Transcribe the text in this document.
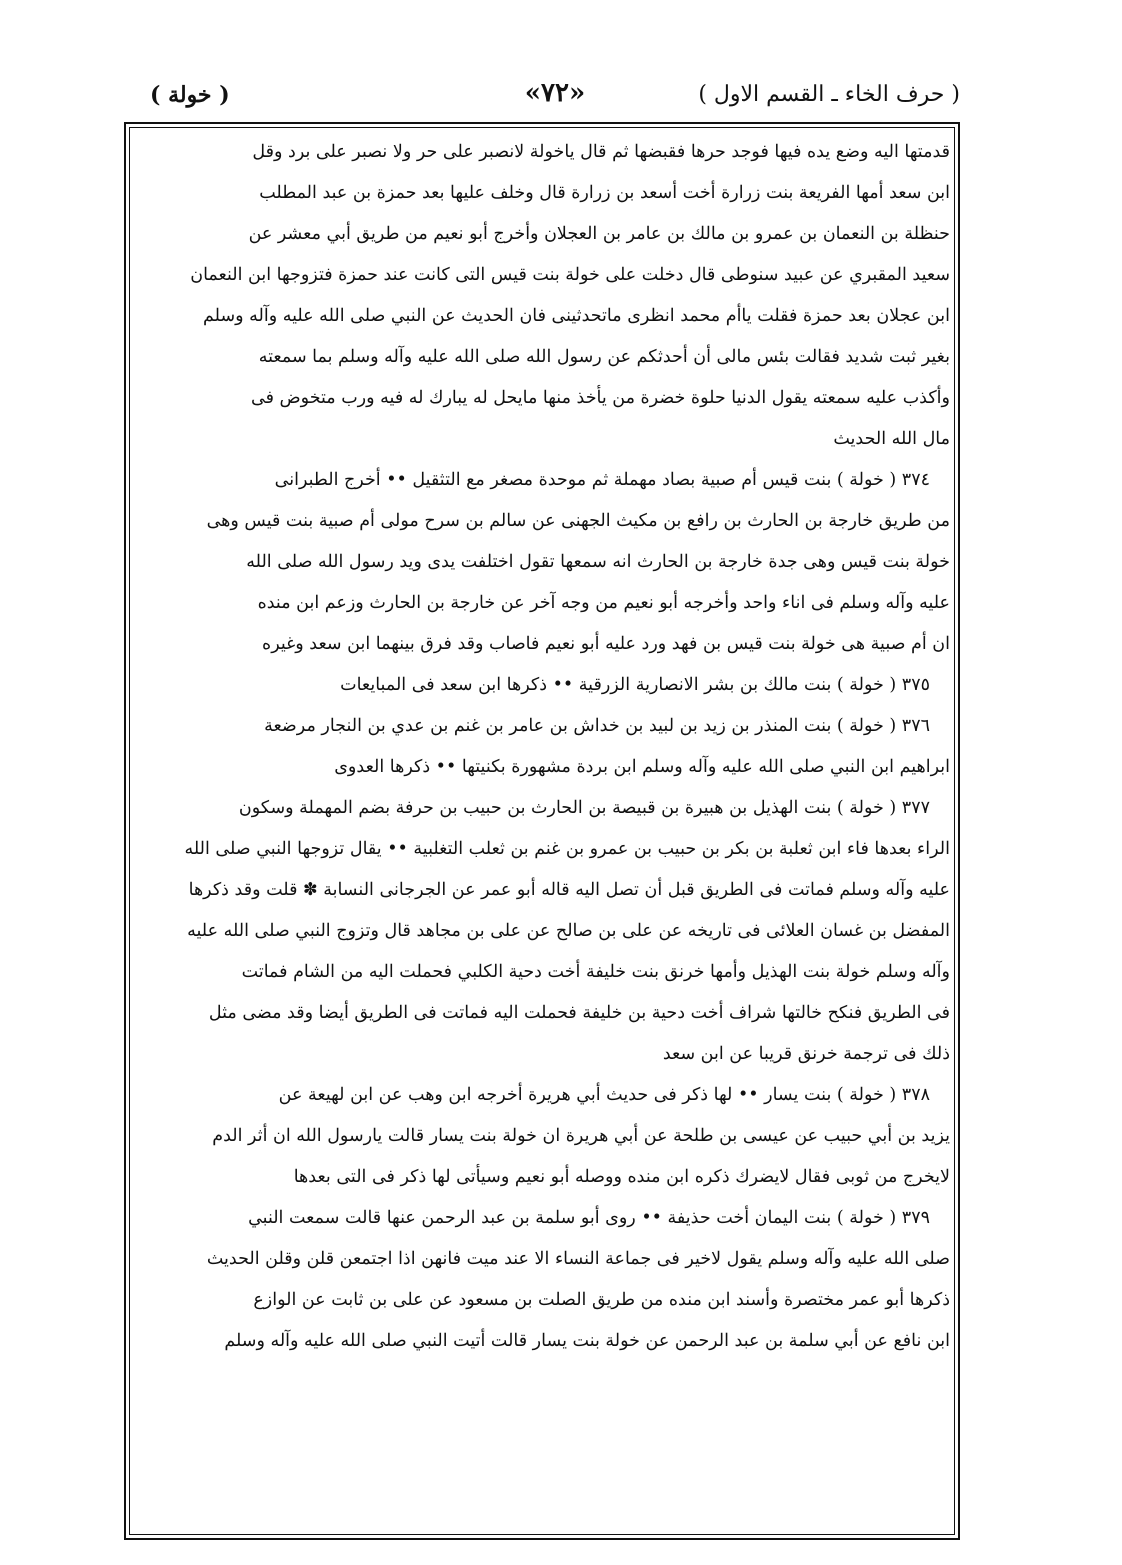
( حرف الخاء ـ القسم الاول )
«٧٢»
( خولة )
قدمتها اليه وضع يده فيها فوجد حرها فقبضها ثم قال ياخولة لانصبر على حر ولا نصبر على برد وقل
ابن سعد أمها الفريعة بنت زرارة أخت أسعد بن زرارة قال وخلف عليها بعد حمزة بن عبد المطلب
حنظلة بن النعمان بن عمرو بن مالك بن عامر بن العجلان وأخرج أبو نعيم من طريق أبي معشر عن
سعيد المقبري عن عبيد سنوطى قال دخلت على خولة بنت قيس التى كانت عند حمزة فتزوجها ابن النعمان
ابن عجلان بعد حمزة فقلت ياأم محمد انظرى ماتحدثينى فان الحديث عن النبي صلى الله عليه وآله وسلم
بغير ثبت شديد فقالت بئس مالى أن أحدثكم عن رسول الله صلى الله عليه وآله وسلم بما سمعته
وأكذب عليه سمعته يقول الدنيا حلوة خضرة من يأخذ منها مايحل له يبارك له فيه ورب متخوض فى
مال الله الحديث
٣٧٤ ( خولة ) بنت قيس أم صبية بصاد مهملة ثم موحدة مصغر مع التثقيل •• أخرج الطبرانى
من طريق خارجة بن الحارث بن رافع بن مكيث الجهنى عن سالم بن سرح مولى أم صبية بنت قيس وهى
خولة بنت قيس وهى جدة خارجة بن الحارث انه سمعها تقول اختلفت يدى ويد رسول الله صلى الله
عليه وآله وسلم فى اناء واحد وأخرجه أبو نعيم من وجه آخر عن خارجة بن الحارث وزعم ابن منده
ان أم صبية هى خولة بنت قيس بن فهد ورد عليه أبو نعيم فاصاب وقد فرق بينهما ابن سعد وغيره
٣٧٥ ( خولة ) بنت مالك بن بشر الانصارية الزرقية •• ذكرها ابن سعد فى المبايعات
٣٧٦ ( خولة ) بنت المنذر بن زيد بن لبيد بن خداش بن عامر بن غنم بن عدي بن النجار مرضعة
ابراهيم ابن النبي صلى الله عليه وآله وسلم ابن بردة مشهورة بكنيتها •• ذكرها العدوى
٣٧٧ ( خولة ) بنت الهذيل بن هبيرة بن قبيصة بن الحارث بن حبيب بن حرفة بضم المهملة وسكون
الراء بعدها فاء ابن ثعلبة بن بكر بن حبيب بن عمرو بن غنم بن ثعلب التغلبية •• يقال تزوجها النبي صلى الله
عليه وآله وسلم فماتت فى الطريق قبل أن تصل اليه قاله أبو عمر عن الجرجانى النسابة ✽ قلت وقد ذكرها
المفضل بن غسان العلائى فى تاريخه عن على بن صالح عن على بن مجاهد قال وتزوج النبي صلى الله عليه
وآله وسلم خولة بنت الهذيل وأمها خرنق بنت خليفة أخت دحية الكلبي فحملت اليه من الشام فماتت
فى الطريق فنكح خالتها شراف أخت دحية بن خليفة فحملت اليه فماتت فى الطريق أيضا وقد مضى مثل
ذلك فى ترجمة خرنق قريبا عن ابن سعد
٣٧٨ ( خولة ) بنت يسار •• لها ذكر فى حديث أبي هريرة أخرجه ابن وهب عن ابن لهيعة عن
يزيد بن أبي حبيب عن عيسى بن طلحة عن أبي هريرة ان خولة بنت يسار قالت يارسول الله ان أثر الدم
لايخرج من ثوبى فقال لايضرك ذكره ابن منده ووصله أبو نعيم وسيأتى لها ذكر فى التى بعدها
٣٧٩ ( خولة ) بنت اليمان أخت حذيفة •• روى أبو سلمة بن عبد الرحمن عنها قالت سمعت النبي
صلى الله عليه وآله وسلم يقول لاخير فى جماعة النساء الا عند ميت فانهن اذا اجتمعن قلن وقلن الحديث
ذكرها أبو عمر مختصرة وأسند ابن منده من طريق الصلت بن مسعود عن على بن ثابت عن الوازع
ابن نافع عن أبي سلمة بن عبد الرحمن عن خولة بنت يسار قالت أتيت النبي صلى الله عليه وآله وسلم
